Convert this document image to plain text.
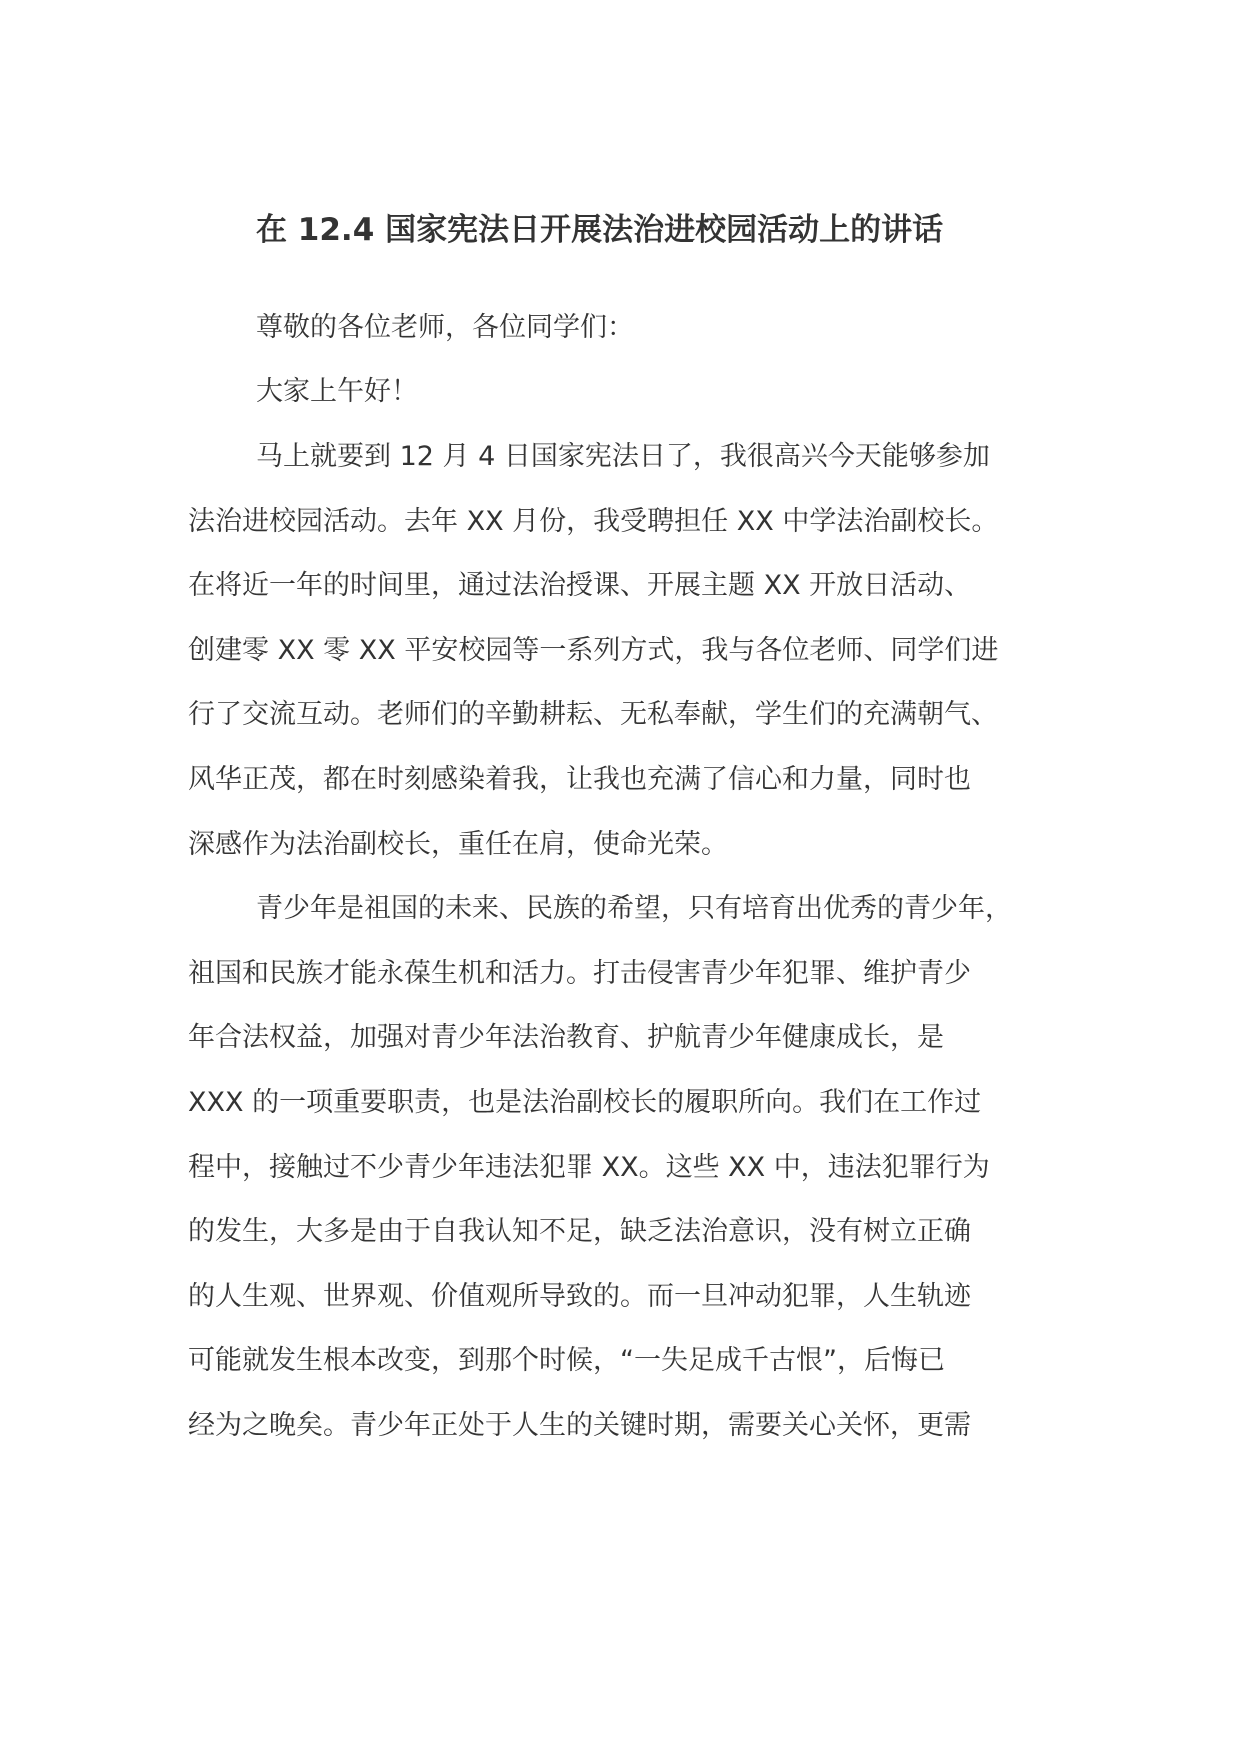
在 12.4 国家宪法日开展法治进校园活动上的讲话
尊敬的各位老师，各位同学们：
大家上午好！
马上就要到 12 月 4 日国家宪法日了，我很高兴今天能够参加
法治进校园活动。去年 XX 月份，我受聘担任 XX 中学法治副校长。
在将近一年的时间里，通过法治授课、开展主题 XX 开放日活动、
创建零 XX 零 XX 平安校园等一系列方式，我与各位老师、同学们进
行了交流互动。老师们的辛勤耕耘、无私奉献，学生们的充满朝气、
风华正茂，都在时刻感染着我，让我也充满了信心和力量，同时也
深感作为法治副校长，重任在肩，使命光荣。
青少年是祖国的未来、民族的希望，只有培育出优秀的青少年，
祖国和民族才能永葆生机和活力。打击侵害青少年犯罪、维护青少
年合法权益，加强对青少年法治教育、护航青少年健康成长，是
XXX 的一项重要职责，也是法治副校长的履职所向。我们在工作过
程中，接触过不少青少年违法犯罪 XX。这些 XX 中，违法犯罪行为
的发生，大多是由于自我认知不足，缺乏法治意识，没有树立正确
的人生观、世界观、价值观所导致的。而一旦冲动犯罪，人生轨迹
可能就发生根本改变，到那个时候，“一失足成千古恨”，后悔已
经为之晚矣。青少年正处于人生的关键时期，需要关心关怀，更需
